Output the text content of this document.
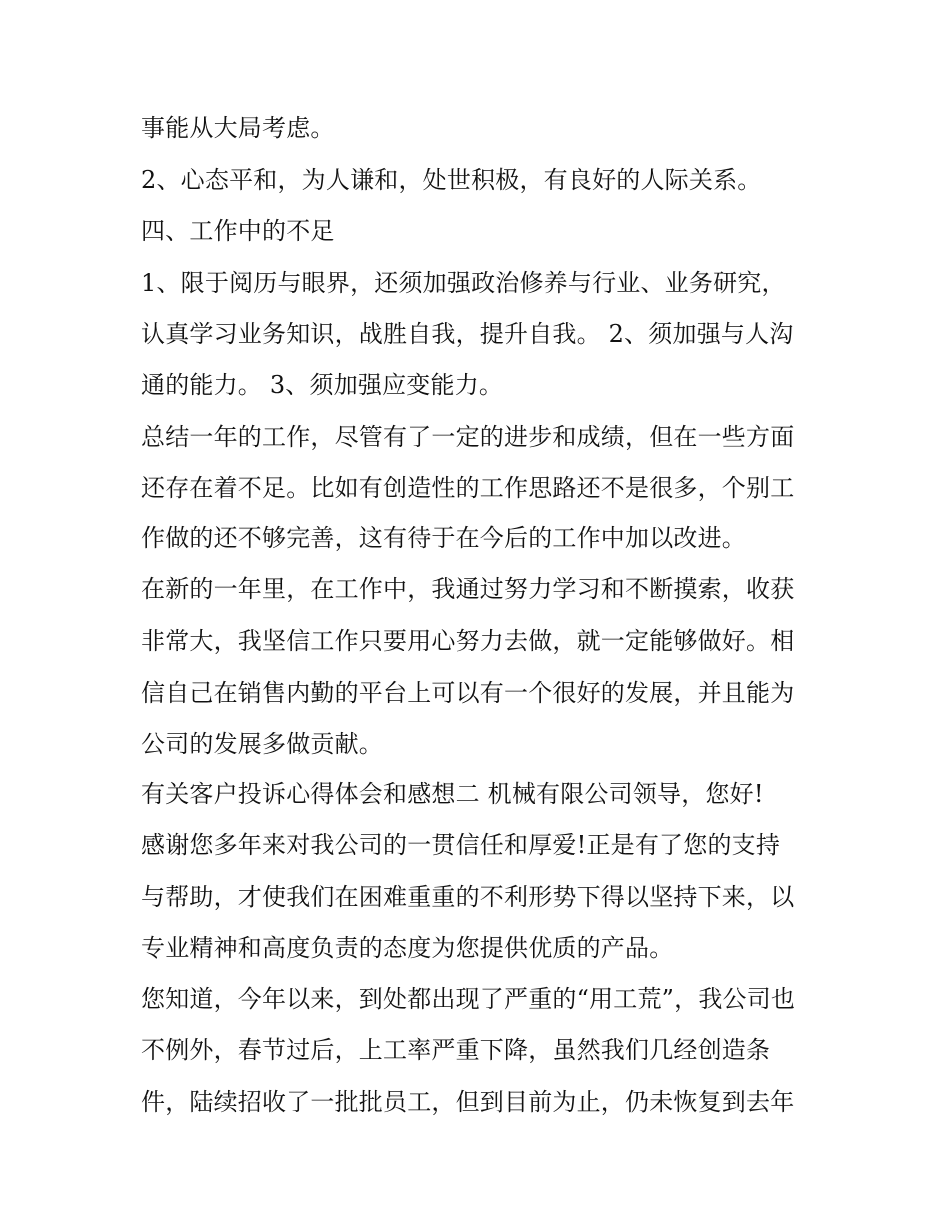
事能从大局考虑。
2、心态平和，为人谦和，处世积极，有良好的人际关系。
四、工作中的不足
1、限于阅历与眼界，还须加强政治修养与行业、业务研究，
认真学习业务知识，战胜自我，提升自我。 2、须加强与人沟
通的能力。 3、须加强应变能力。
总结一年的工作，尽管有了一定的进步和成绩，但在一些方面
还存在着不足。比如有创造性的工作思路还不是很多，个别工
作做的还不够完善，这有待于在今后的工作中加以改进。
在新的一年里，在工作中，我通过努力学习和不断摸索，收获
非常大，我坚信工作只要用心努力去做，就一定能够做好。相
信自己在销售内勤的平台上可以有一个很好的发展，并且能为
公司的发展多做贡献。
有关客户投诉心得体会和感想二 机械有限公司领导，您好!
感谢您多年来对我公司的一贯信任和厚爱!正是有了您的支持
与帮助，才使我们在困难重重的不利形势下得以坚持下来，以
专业精神和高度负责的态度为您提供优质的产品。
您知道，今年以来，到处都出现了严重的“用工荒”，我公司也
不例外，春节过后，上工率严重下降，虽然我们几经创造条
件，陆续招收了一批批员工，但到目前为止，仍未恢复到去年
